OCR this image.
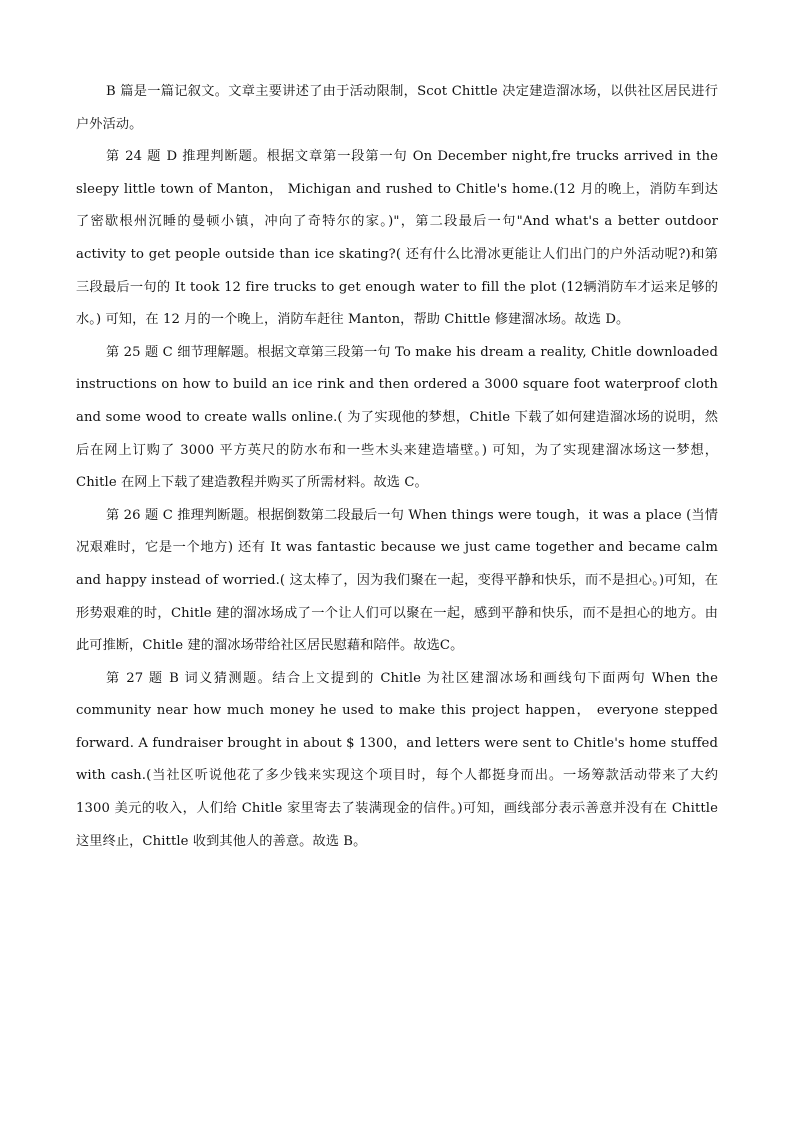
B 篇是一篇记叙文。文章主要讲述了由于活动限制，Scot Chittle 决定建造溜冰场，以供社区居民进行户外活动。

第 24 题 D 推理判断题。根据文章第一段第一句 On December night,fre trucks arrived in the sleepy little town of Manton， Michigan and rushed to Chitle's home.(12 月的晚上，消防车到达了密歇根州沉睡的曼顿小镇，冲向了奇特尔的家。)"，第二段最后一句"And what's a better outdoor activity to get people outside than ice skating?( 还有什么比滑冰更能让人们出门的户外活动呢?)和第三段最后一句的 It took 12 fire trucks to get enough water to fill the plot (12辆消防车才运来足够的水。) 可知，在 12 月的一个晚上，消防车赶往 Manton，帮助 Chittle 修建溜冰场。故选 D。

第 25 题 C 细节理解题。根据文章第三段第一句 To make his dream a reality, Chitle downloaded instructions on how to build an ice rink and then ordered a 3000 square foot waterproof cloth and some wood to create walls online.( 为了实现他的梦想，Chitle 下载了如何建造溜冰场的说明，然后在网上订购了 3000 平方英尺的防水布和一些木头来建造墙壁。) 可知，为了实现建溜冰场这一梦想，Chitle 在网上下载了建造教程并购买了所需材料。故选 C。

第 26 题 C 推理判断题。根据倒数第二段最后一句 When things were tough，it was a place (当情况艰难时，它是一个地方) 还有 It was fantastic because we just came together and became calm and happy instead of worried.( 这太棒了，因为我们聚在一起，变得平静和快乐，而不是担心。)可知，在形势艰难的时，Chitle 建的溜冰场成了一个让人们可以聚在一起，感到平静和快乐，而不是担心的地方。由此可推断，Chitle 建的溜冰场带给社区居民慰藉和陪伴。故选C。

第 27 题 B 词义猜测题。结合上文提到的 Chitle 为社区建溜冰场和画线句下面两句 When the community near how much money he used to make this project happen， everyone stepped forward. A fundraiser brought in about $ 1300，and letters were sent to Chitle's home stuffed with cash.(当社区听说他花了多少钱来实现这个项目时，每个人都挺身而出。一场筹款活动带来了大约 1300 美元的收入，人们给 Chitle 家里寄去了装满现金的信件。)可知，画线部分表示善意并没有在 Chittle 这里终止，Chittle 收到其他人的善意。故选 B。
